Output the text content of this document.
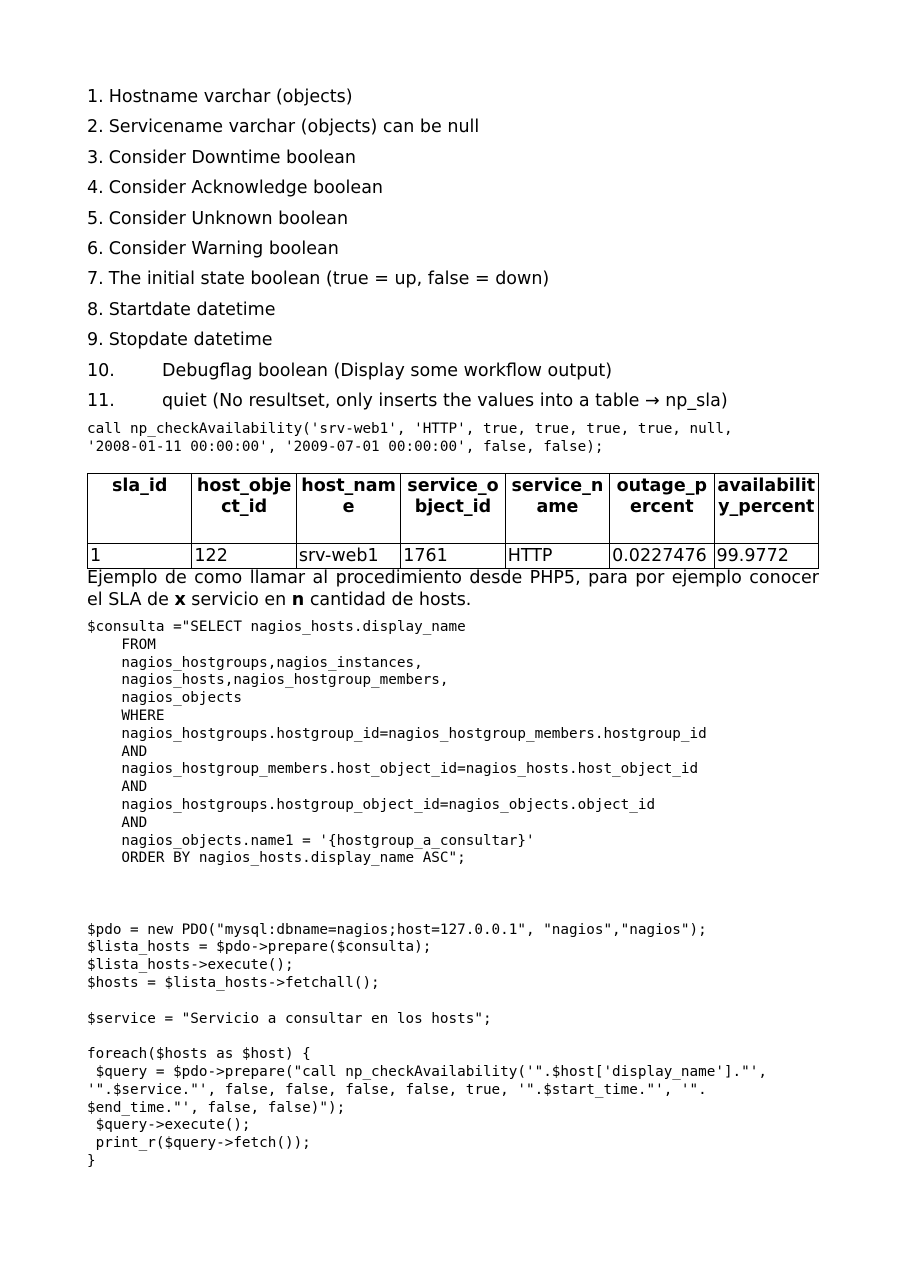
1. Hostname varchar (objects)
2. Servicename varchar (objects) can be null
3. Consider Downtime boolean
4. Consider Acknowledge boolean
5. Consider Unknown boolean
6. Consider Warning boolean
7. The initial state boolean (true = up, false = down)
8. Startdate datetime
9. Stopdate datetime
10.	Debugflag boolean (Display some workflow output)
11.	quiet (No resultset, only inserts the values into a table → np_sla)
call np_checkAvailability('srv-web1', 'HTTP', true, true, true, true, null,
'2008-01-11 00:00:00', '2009-07-01 00:00:00', false, false);
sla_id	host_object_id	host_name	service_object_id	service_name	outage_percent	availability_percent
1	122	srv-web1	1761	HTTP	0.0227476	99.9772
Ejemplo de como llamar al procedimiento desde PHP5, para por ejemplo conocer el SLA de x servicio en n cantidad de hosts.
$consulta ="SELECT nagios_hosts.display_name
FROM
nagios_hostgroups,nagios_instances,
nagios_hosts,nagios_hostgroup_members,
nagios_objects
WHERE
nagios_hostgroups.hostgroup_id=nagios_hostgroup_members.hostgroup_id
AND
nagios_hostgroup_members.host_object_id=nagios_hosts.host_object_id
AND
nagios_hostgroups.hostgroup_object_id=nagios_objects.object_id
AND
nagios_objects.name1 = '{hostgroup_a_consultar}'
ORDER BY nagios_hosts.display_name ASC";

$pdo = new PDO("mysql:dbname=nagios;host=127.0.0.1", "nagios","nagios");
$lista_hosts = $pdo->prepare($consulta);
$lista_hosts->execute();
$hosts = $lista_hosts->fetchall();

$service = "Servicio a consultar en los hosts";

foreach($hosts as $host) {
$query = $pdo->prepare("call np_checkAvailability('".$host['display_name']."',
'".$service."', false, false, false, false, true, '".$start_time."', '".
$end_time."', false, false)");
$query->execute();
print_r($query->fetch());
}
